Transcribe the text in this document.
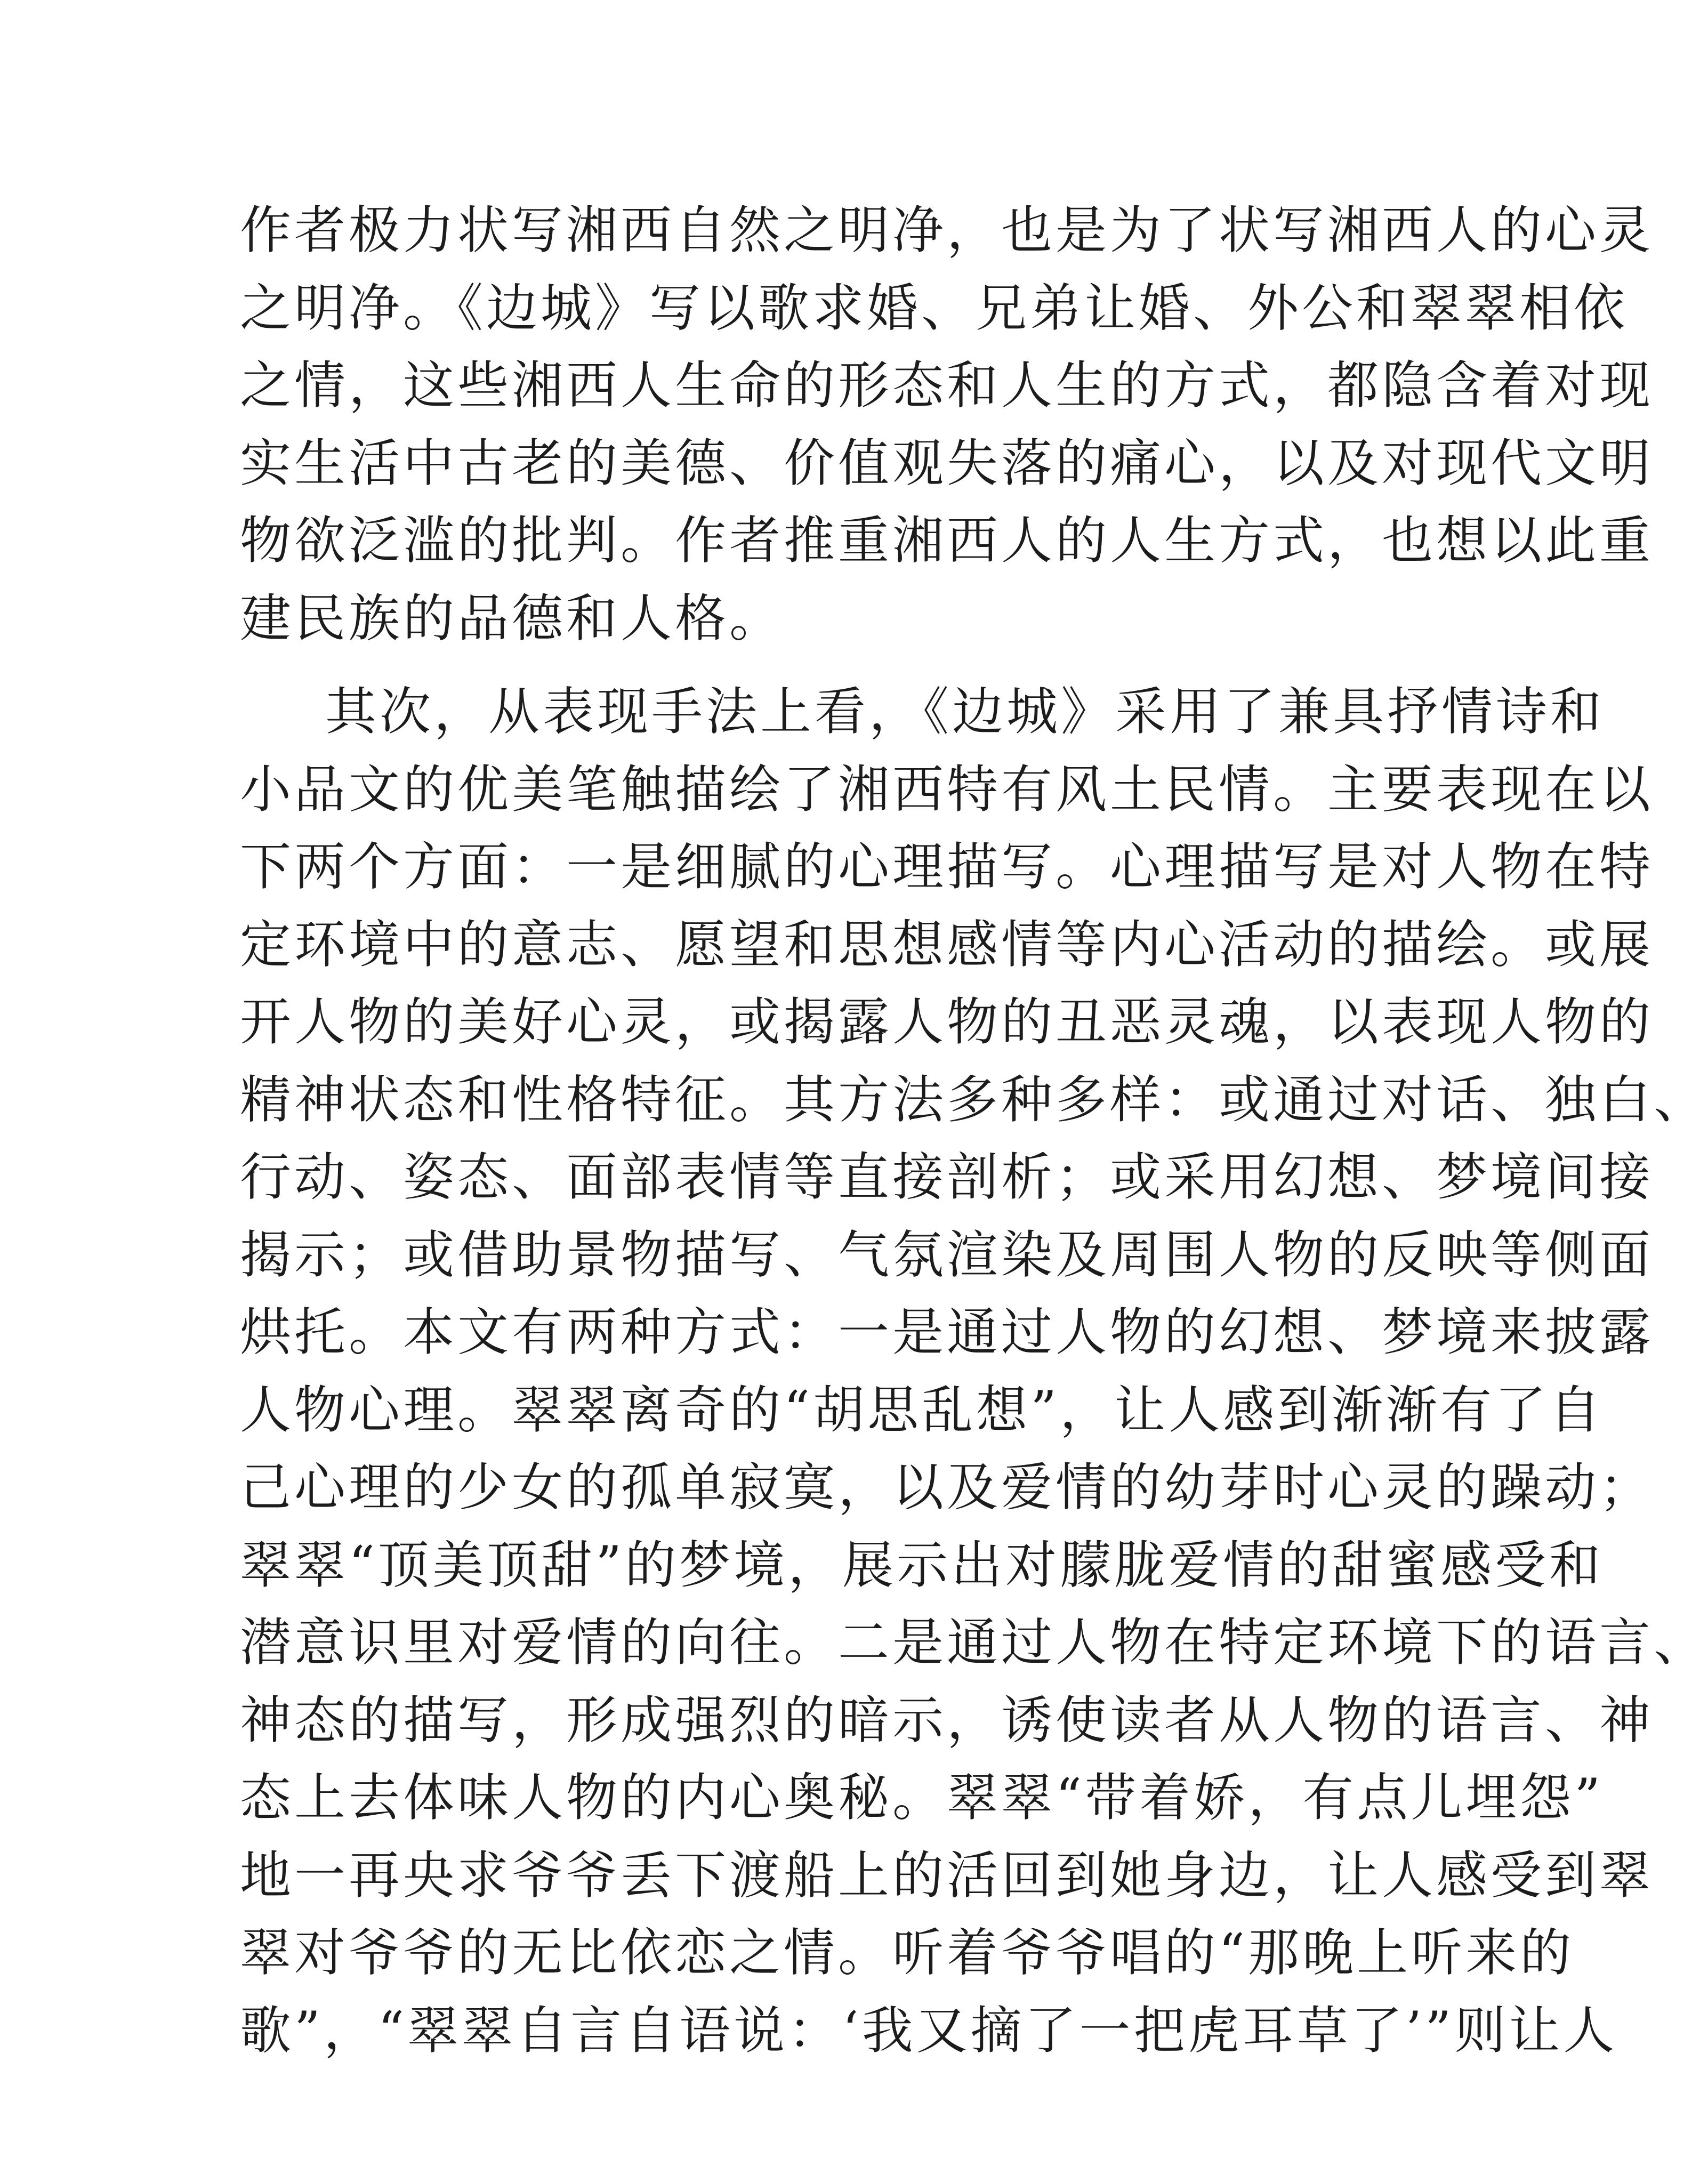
作者极力状写湘西自然之明净，也是为了状写湘西人的心灵
之明净。《边城》写以歌求婚、兄弟让婚、外公和翠翠相依
之情，这些湘西人生命的形态和人生的方式，都隐含着对现
实生活中古老的美德、价值观失落的痛心，以及对现代文明
物欲泛滥的批判。作者推重湘西人的人生方式，也想以此重
建民族的品德和人格。
其次，从表现手法上看，《边城》采用了兼具抒情诗和
小品文的优美笔触描绘了湘西特有风土民情。主要表现在以
下两个方面：一是细腻的心理描写。心理描写是对人物在特
定环境中的意志、愿望和思想感情等内心活动的描绘。或展
开人物的美好心灵，或揭露人物的丑恶灵魂，以表现人物的
精神状态和性格特征。其方法多种多样：或通过对话、独白、
行动、姿态、面部表情等直接剖析；或采用幻想、梦境间接
揭示；或借助景物描写、气氛渲染及周围人物的反映等侧面
烘托。本文有两种方式：一是通过人物的幻想、梦境来披露
人物心理。翠翠离奇的“胡思乱想”，让人感到渐渐有了自
己心理的少女的孤单寂寞，以及爱情的幼芽时心灵的躁动；
翠翠“顶美顶甜”的梦境，展示出对朦胧爱情的甜蜜感受和
潜意识里对爱情的向往。二是通过人物在特定环境下的语言、
神态的描写，形成强烈的暗示，诱使读者从人物的语言、神
态上去体味人物的内心奥秘。翠翠“带着娇，有点儿埋怨”
地一再央求爷爷丢下渡船上的活回到她身边，让人感受到翠
翠对爷爷的无比依恋之情。听着爷爷唱的“那晚上听来的
歌”，“翠翠自言自语说：‘我又摘了一把虎耳草了’”则让人
